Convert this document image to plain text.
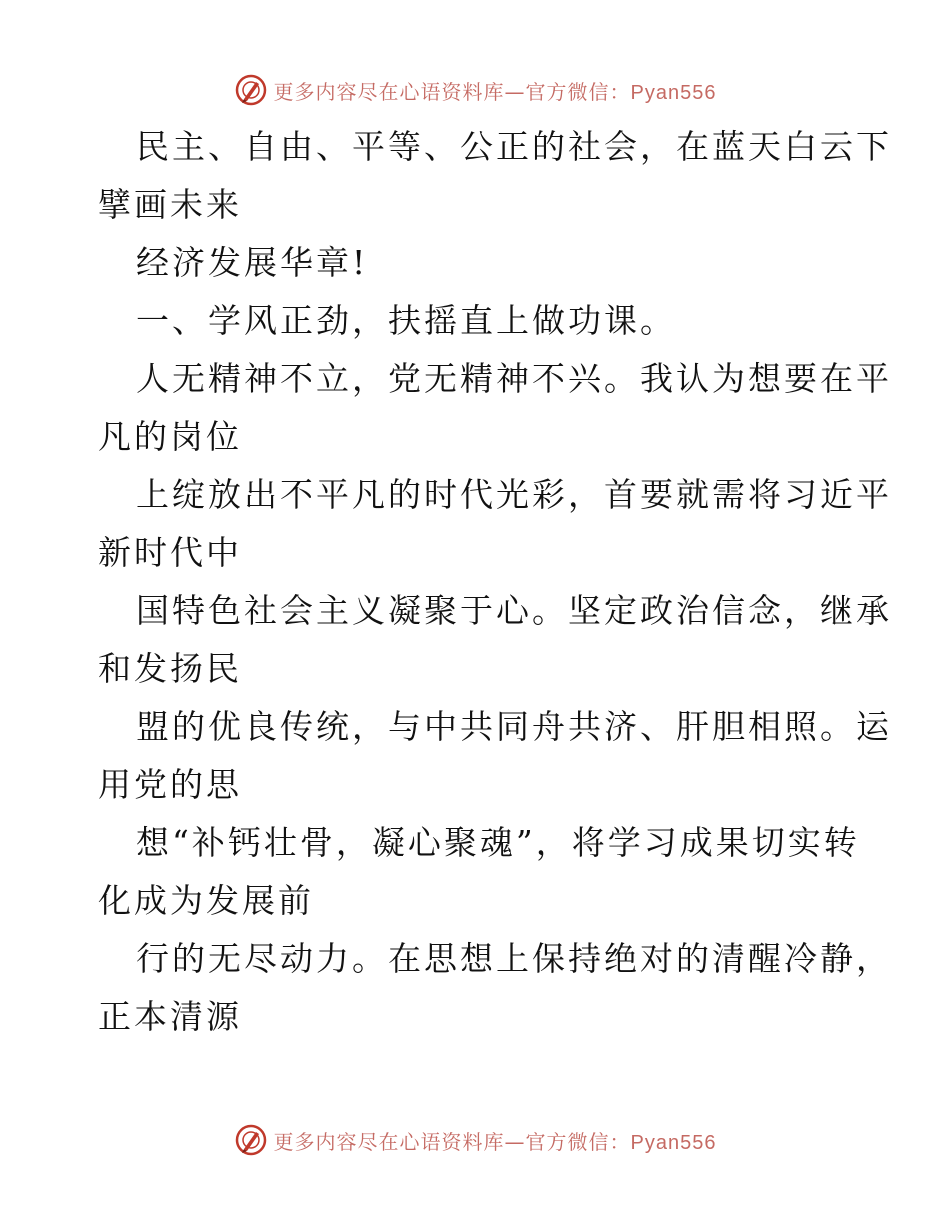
更多内容尽在心语资料库—官方微信：Pyan556
民主、自由、平等、公正的社会，在蓝天白云下
擘画未来
经济发展华章!
一、学风正劲，扶摇直上做功课。
人无精神不立，党无精神不兴。我认为想要在平
凡的岗位
上绽放出不平凡的时代光彩，首要就需将习近平
新时代中
国特色社会主义凝聚于心。坚定政治信念，继承
和发扬民
盟的优良传统，与中共同舟共济、肝胆相照。运
用党的思
想“补钙壮骨，凝心聚魂”，将学习成果切实转
化成为发展前
行的无尽动力。在思想上保持绝对的清醒冷静，
正本清源
更多内容尽在心语资料库—官方微信：Pyan556
